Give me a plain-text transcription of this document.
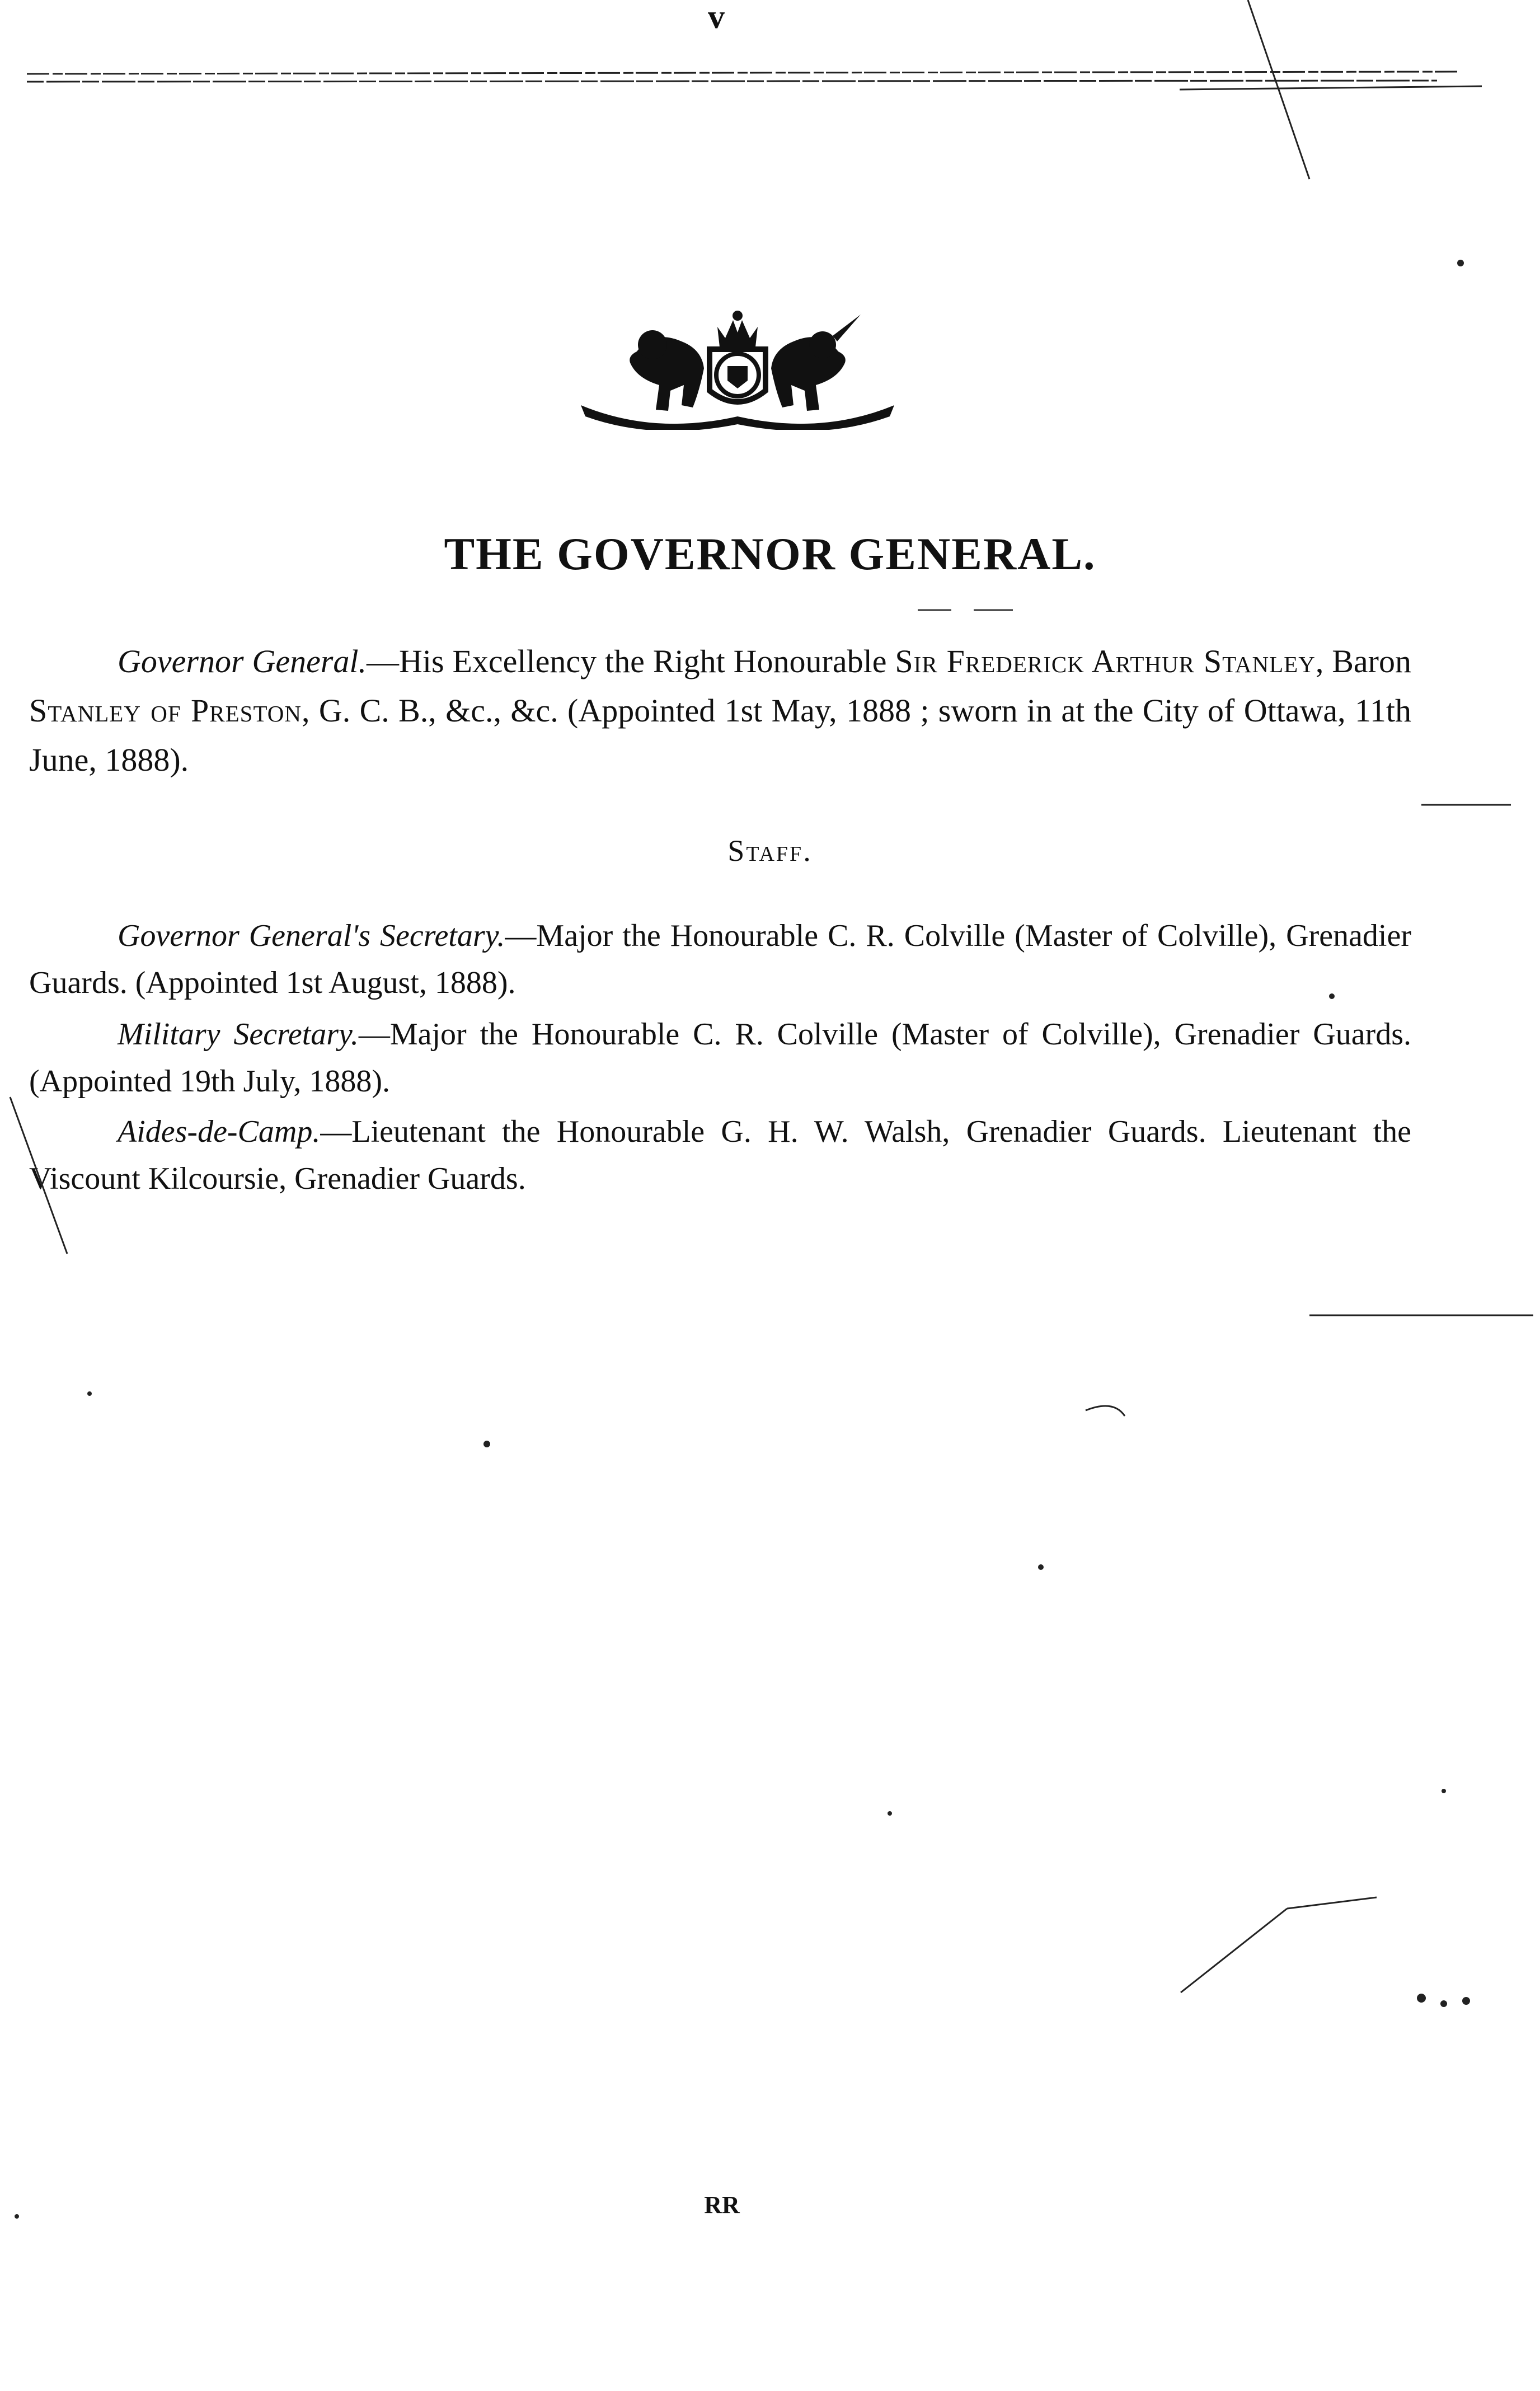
v
THE GOVERNOR GENERAL.
Governor General.—His Excellency the Right Honourable Sir Frederick Arthur Stanley, Baron Stanley of Preston, G. C. B., &c., &c. (Appointed 1st May, 1888 ; sworn in at the City of Ottawa, 11th June, 1888).
Staff.
Governor General's Secretary.—Major the Honourable C. R. Colville (Master of Colville), Grenadier Guards. (Appointed 1st August, 1888).
Military Secretary.—Major the Honourable C. R. Colville (Master of Colville), Grenadier Guards. (Appointed 19th July, 1888).
Aides-de-Camp.—Lieutenant the Honourable G. H. W. Walsh, Grenadier Guards. Lieutenant the Viscount Kilcoursie, Grenadier Guards.
RR
